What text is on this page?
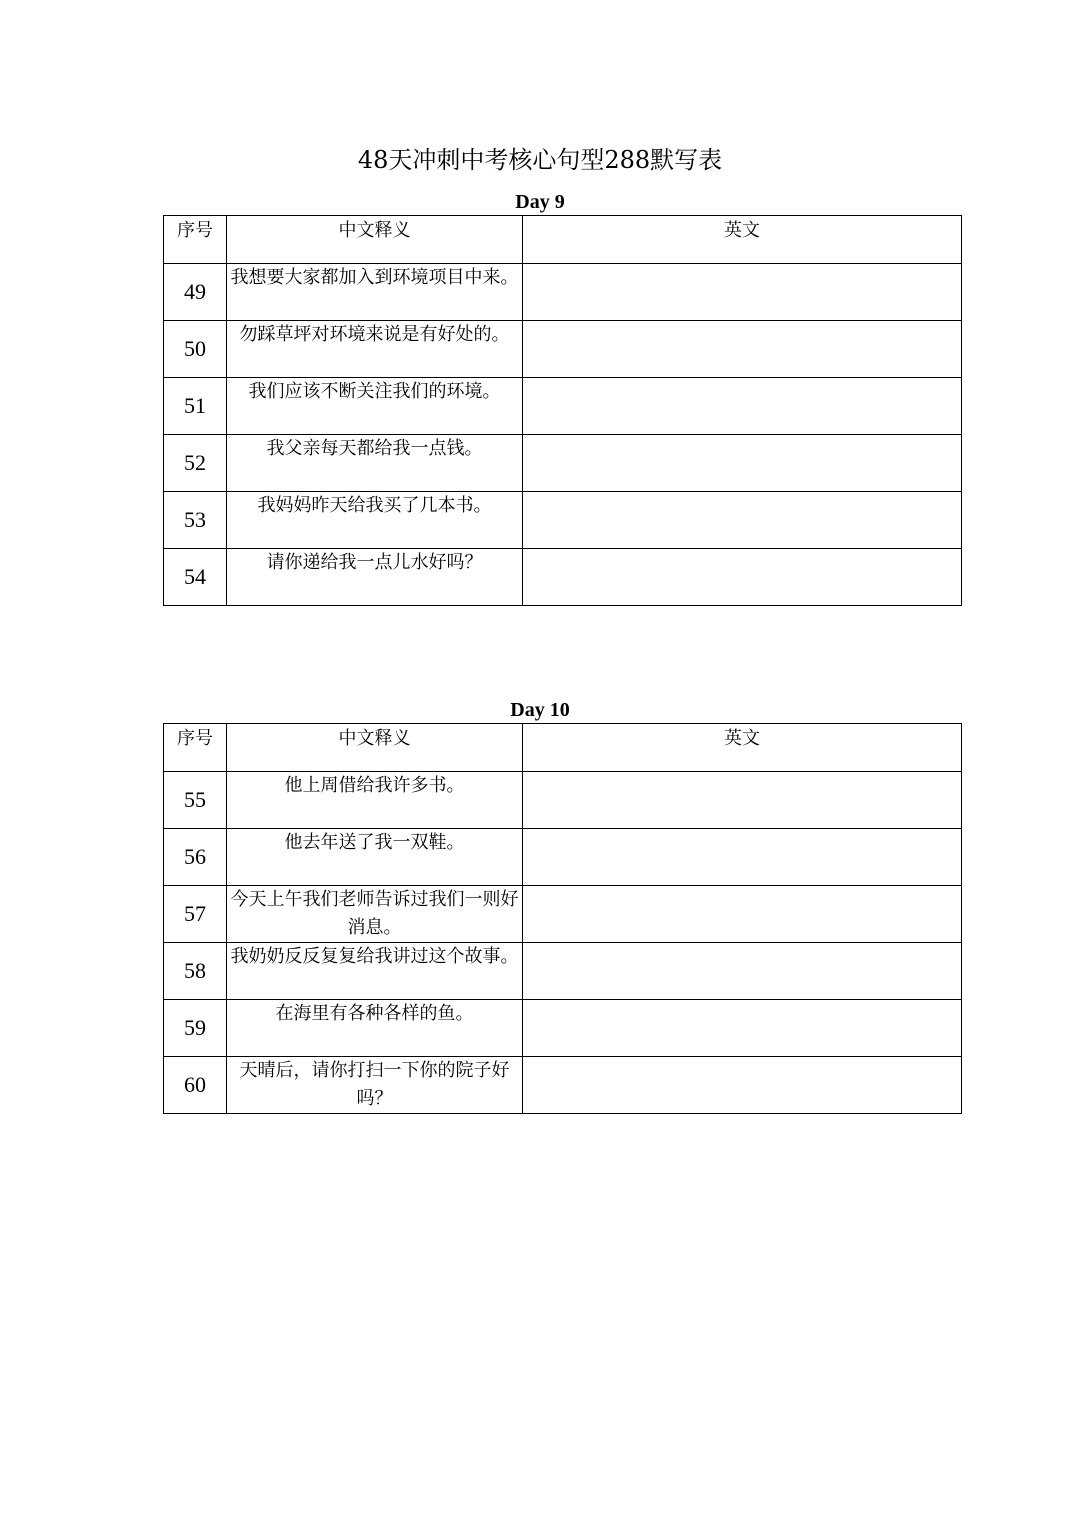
48天冲刺中考核心句型288默写表
Day 9
序号	中文释义	英文
49	我想要大家都加入到环境项目中来。	
50	勿踩草坪对环境来说是有好处的。	
51	我们应该不断关注我们的环境。	
52	我父亲每天都给我一点钱。	
53	我妈妈昨天给我买了几本书。	
54	请你递给我一点儿水好吗？	
Day 10
序号	中文释义	英文
55	他上周借给我许多书。	
56	他去年送了我一双鞋。	
57	今天上午我们老师告诉过我们一则好消息。	
58	我奶奶反反复复给我讲过这个故事。	
59	在海里有各种各样的鱼。	
60	天晴后，请你打扫一下你的院子好吗？	
